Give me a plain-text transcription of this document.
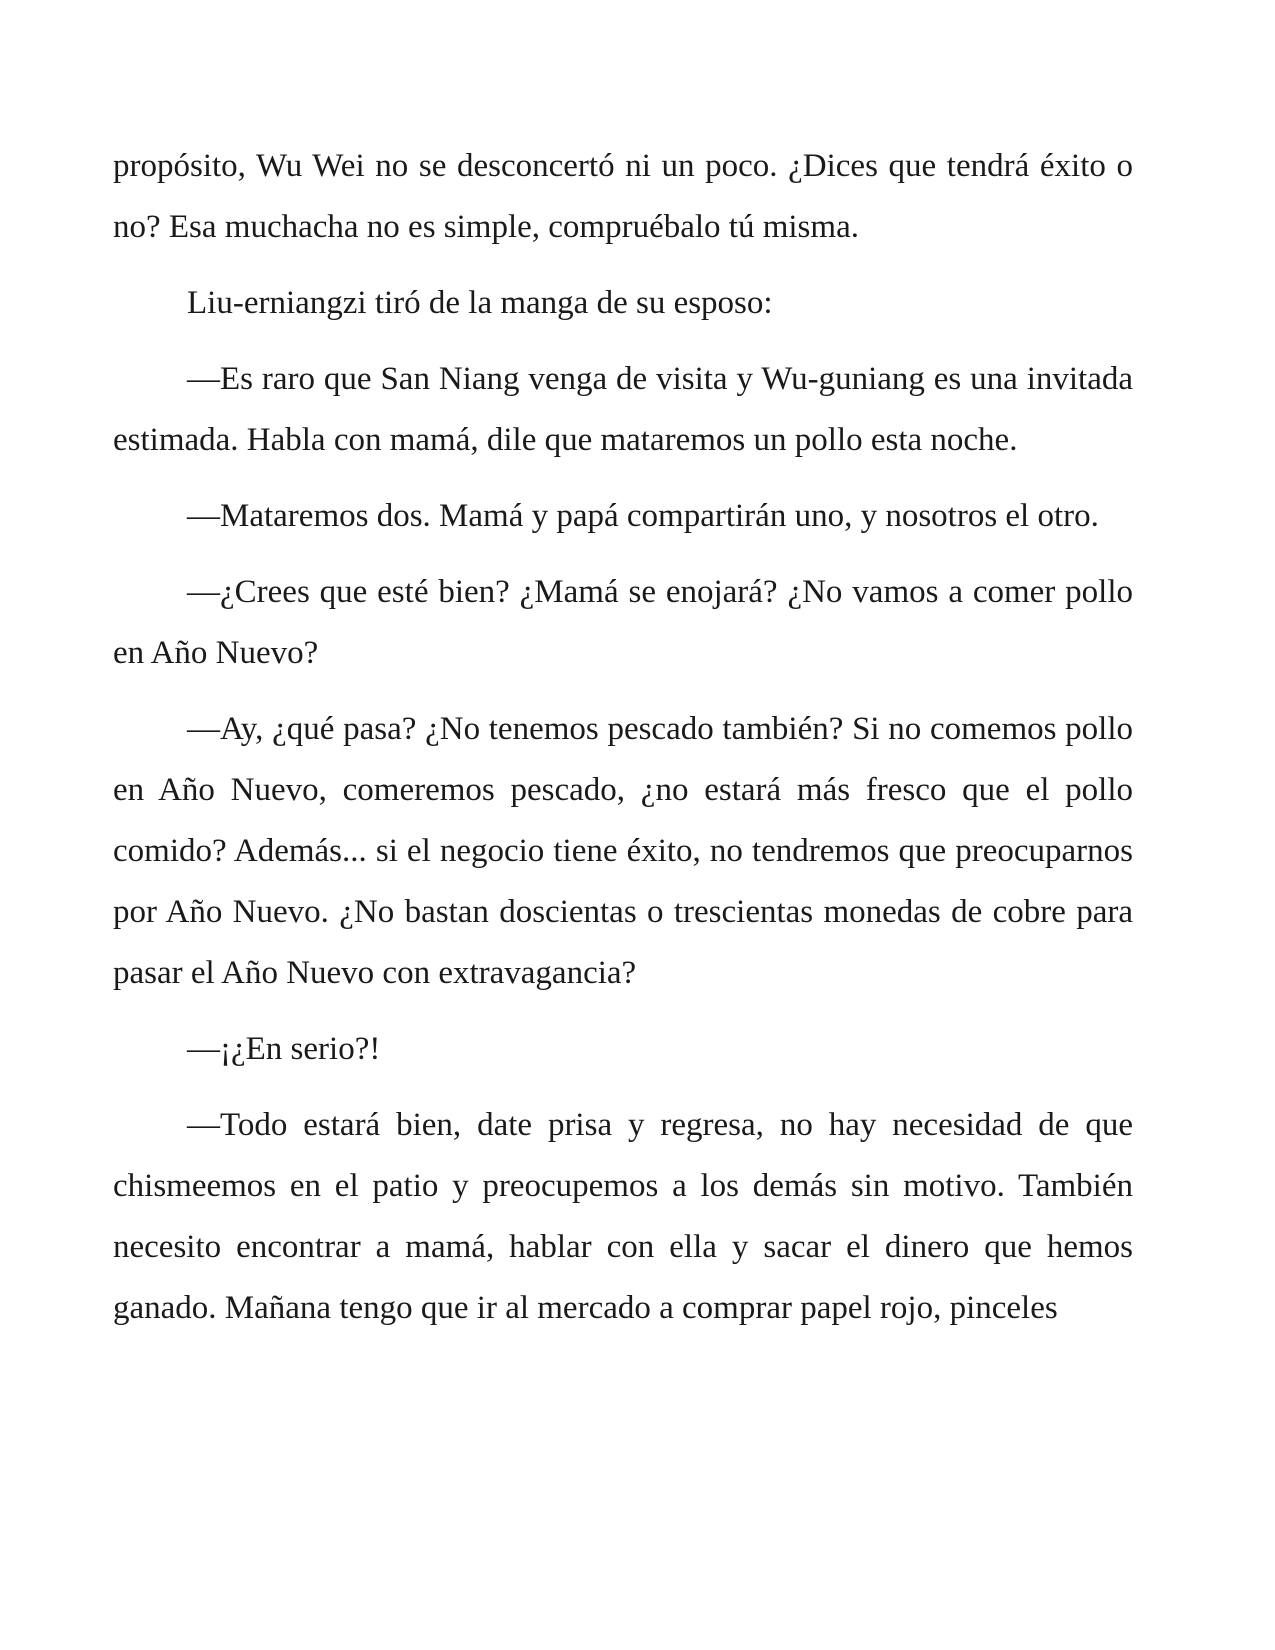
propósito, Wu Wei no se desconcertó ni un poco. ¿Dices que tendrá éxito o no? Esa muchacha no es simple, compruébalo tú misma.

Liu-erniangzi tiró de la manga de su esposo:

—Es raro que San Niang venga de visita y Wu-guniang es una invitada estimada. Habla con mamá, dile que mataremos un pollo esta noche.

—Mataremos dos. Mamá y papá compartirán uno, y nosotros el otro.

—¿Crees que esté bien? ¿Mamá se enojará? ¿No vamos a comer pollo en Año Nuevo?

—Ay, ¿qué pasa? ¿No tenemos pescado también? Si no comemos pollo en Año Nuevo, comeremos pescado, ¿no estará más fresco que el pollo comido? Además... si el negocio tiene éxito, no tendremos que preocuparnos por Año Nuevo. ¿No bastan doscientas o trescientas monedas de cobre para pasar el Año Nuevo con extravagancia?

—¡¿En serio?!

—Todo estará bien, date prisa y regresa, no hay necesidad de que chismeemos en el patio y preocupemos a los demás sin motivo. También necesito encontrar a mamá, hablar con ella y sacar el dinero que hemos ganado. Mañana tengo que ir al mercado a comprar papel rojo, pinceles
